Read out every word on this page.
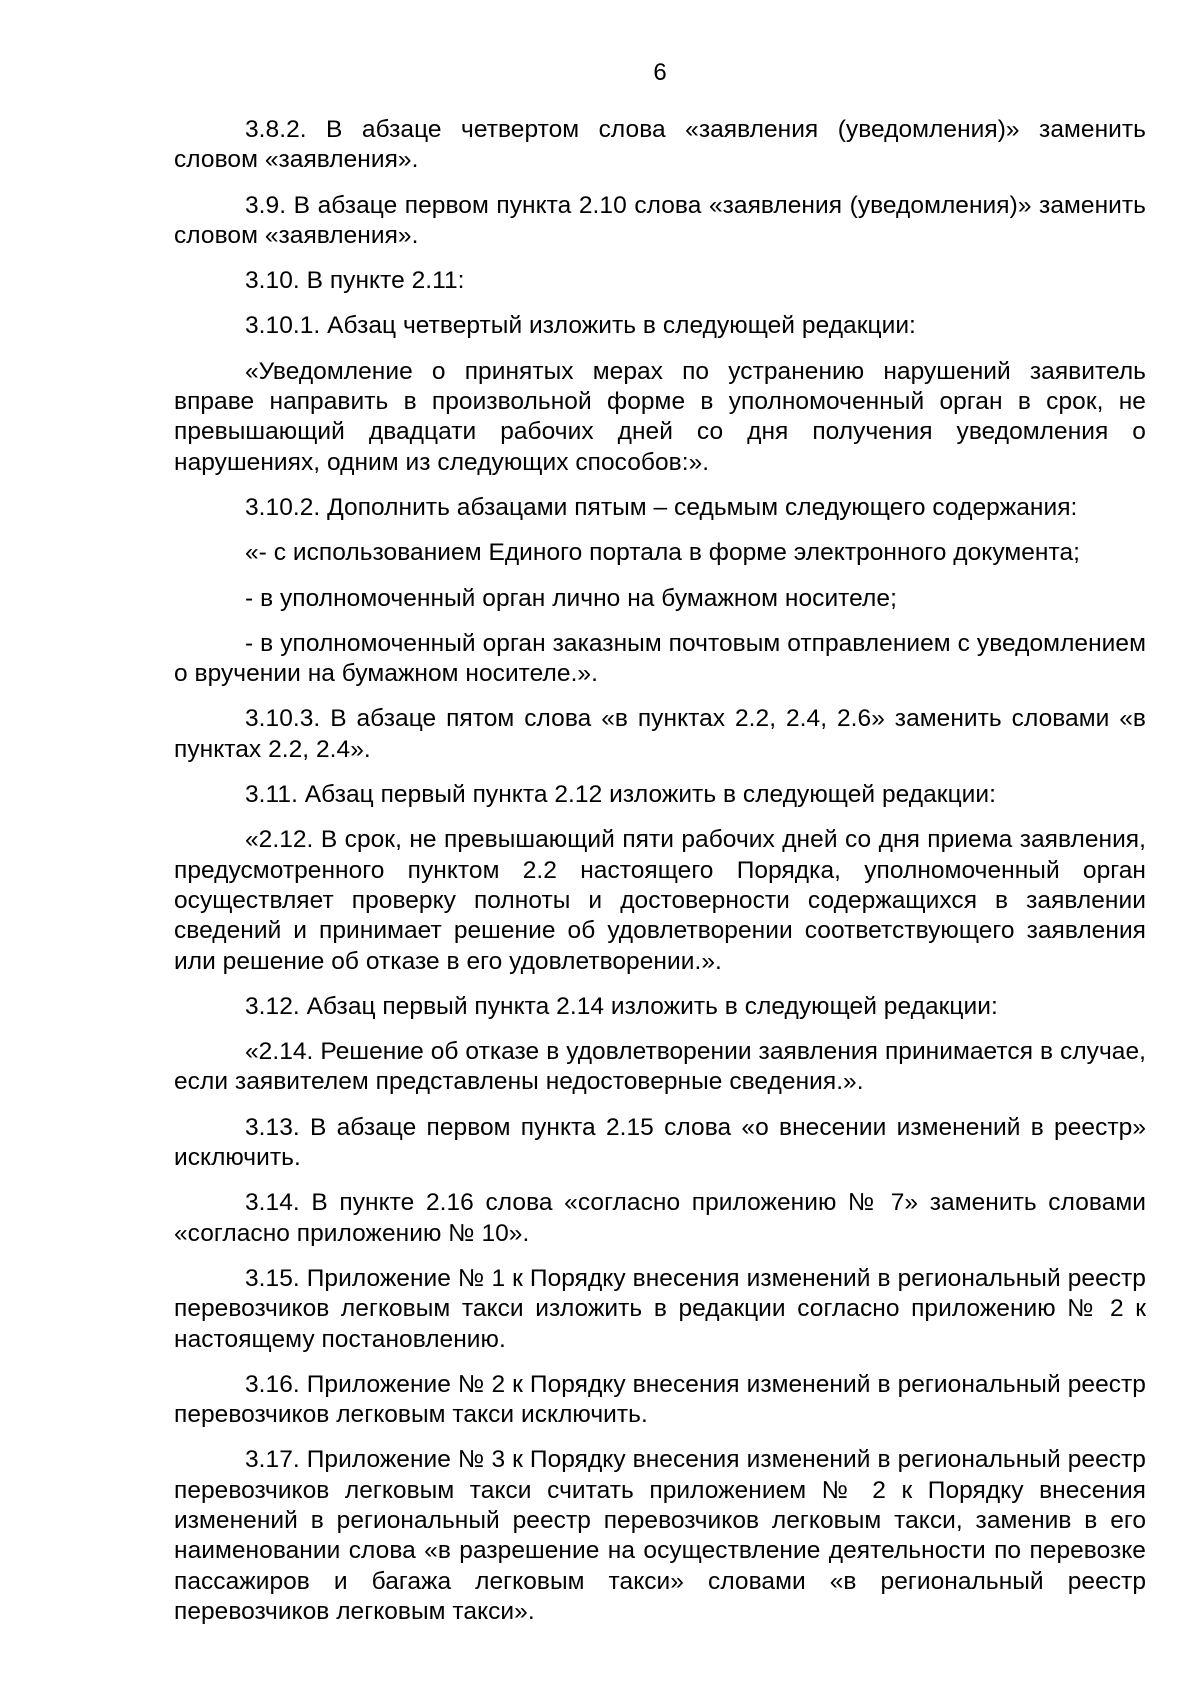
6

3.8.2. В абзаце четвертом слова «заявления (уведомления)» заменить словом «заявления».

3.9. В абзаце первом пункта 2.10 слова «заявления (уведомления)» заменить словом «заявления».

3.10. В пункте 2.11:

3.10.1. Абзац четвертый изложить в следующей редакции:

«Уведомление о принятых мерах по устранению нарушений заявитель вправе направить в произвольной форме в уполномоченный орган в срок, не превышающий двадцати рабочих дней со дня получения уведомления о нарушениях, одним из следующих способов:».

3.10.2. Дополнить абзацами пятым – седьмым следующего содержания:

«- с использованием Единого портала в форме электронного документа;

- в уполномоченный орган лично на бумажном носителе;

- в уполномоченный орган заказным почтовым отправлением с уведомлением о вручении на бумажном носителе.».

3.10.3. В абзаце пятом слова «в пунктах 2.2, 2.4, 2.6» заменить словами «в пунктах 2.2, 2.4».

3.11. Абзац первый пункта 2.12 изложить в следующей редакции:

«2.12. В срок, не превышающий пяти рабочих дней со дня приема заявления, предусмотренного пунктом 2.2 настоящего Порядка, уполномоченный орган осуществляет проверку полноты и достоверности содержащихся в заявлении сведений и принимает решение об удовлетворении соответствующего заявления или решение об отказе в его удовлетворении.».

3.12. Абзац первый пункта 2.14 изложить в следующей редакции:

«2.14. Решение об отказе в удовлетворении заявления принимается в случае, если заявителем представлены недостоверные сведения.».

3.13. В абзаце первом пункта 2.15 слова «о внесении изменений в реестр» исключить.

3.14. В пункте 2.16 слова «согласно приложению № 7» заменить словами «согласно приложению № 10».

3.15. Приложение № 1 к Порядку внесения изменений в региональный реестр перевозчиков легковым такси изложить в редакции согласно приложению № 2 к настоящему постановлению.

3.16. Приложение № 2 к Порядку внесения изменений в региональный реестр перевозчиков легковым такси исключить.

3.17. Приложение № 3 к Порядку внесения изменений в региональный реестр перевозчиков легковым такси считать приложением № 2 к Порядку внесения изменений в региональный реестр перевозчиков легковым такси, заменив в его наименовании слова «в разрешение на осуществление деятельности по перевозке пассажиров и багажа легковым такси» словами «в региональный реестр перевозчиков легковым такси».
